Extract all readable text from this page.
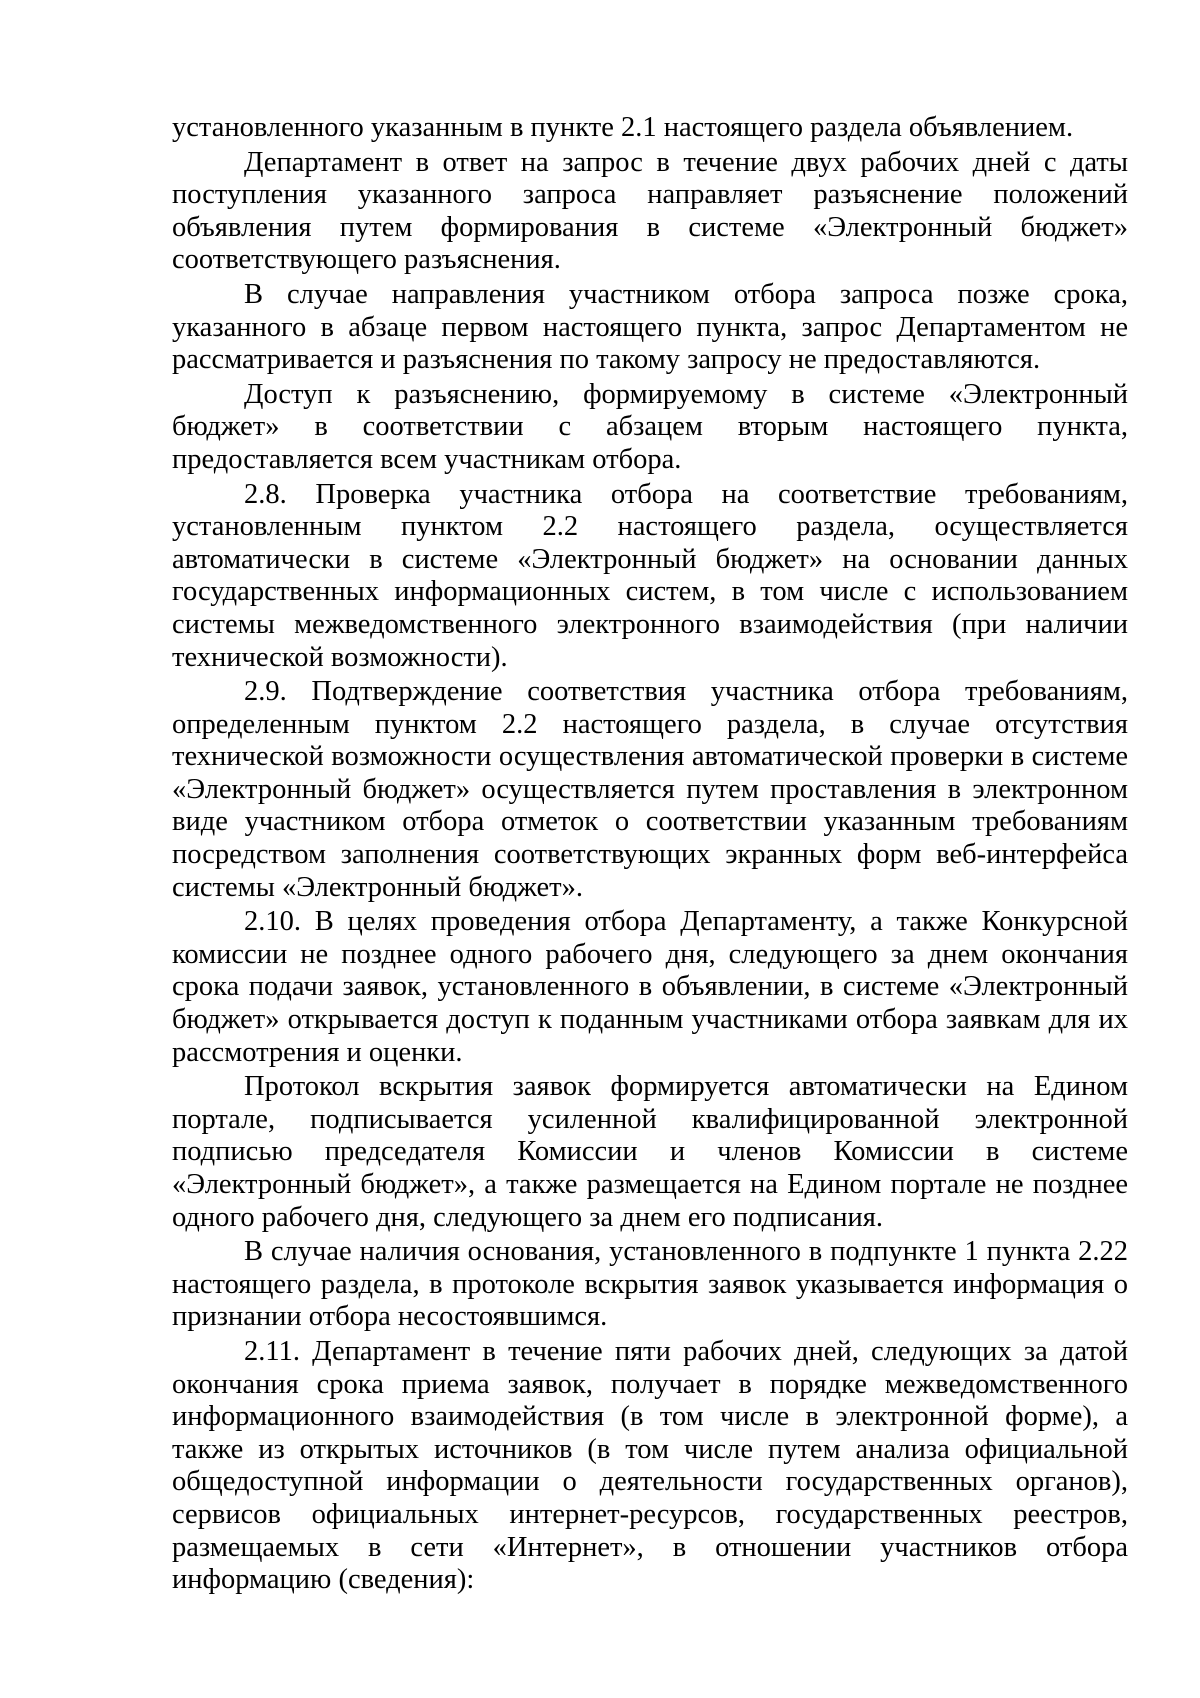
установленного указанным в пункте 2.1 настоящего раздела объявлением.

Департамент в ответ на запрос в течение двух рабочих дней с даты поступления указанного запроса направляет разъяснение положений объявления путем формирования в системе «Электронный бюджет» соответствующего разъяснения.

В случае направления участником отбора запроса позже срока, указанного в абзаце первом настоящего пункта, запрос Департаментом не рассматривается и разъяснения по такому запросу не предоставляются.

Доступ к разъяснению, формируемому в системе «Электронный бюджет» в соответствии с абзацем вторым настоящего пункта, предоставляется всем участникам отбора.

2.8. Проверка участника отбора на соответствие требованиям, установленным пунктом 2.2 настоящего раздела, осуществляется автоматически в системе «Электронный бюджет» на основании данных государственных информационных систем, в том числе с использованием системы межведомственного электронного взаимодействия (при наличии технической возможности).

2.9. Подтверждение соответствия участника отбора требованиям, определенным пунктом 2.2 настоящего раздела, в случае отсутствия технической возможности осуществления автоматической проверки в системе «Электронный бюджет» осуществляется путем проставления в электронном виде участником отбора отметок о соответствии указанным требованиям посредством заполнения соответствующих экранных форм веб-интерфейса системы «Электронный бюджет».

2.10. В целях проведения отбора Департаменту, а также Конкурсной комиссии не позднее одного рабочего дня, следующего за днем окончания срока подачи заявок, установленного в объявлении, в системе «Электронный бюджет» открывается доступ к поданным участниками отбора заявкам для их рассмотрения и оценки.

Протокол вскрытия заявок формируется автоматически на Едином портале, подписывается усиленной квалифицированной электронной подписью председателя Комиссии и членов Комиссии в системе «Электронный бюджет», а также размещается на Едином портале не позднее одного рабочего дня, следующего за днем его подписания.

В случае наличия основания, установленного в подпункте 1 пункта 2.22 настоящего раздела, в протоколе вскрытия заявок указывается информация о признании отбора несостоявшимся.

2.11. Департамент в течение пяти рабочих дней, следующих за датой окончания срока приема заявок, получает в порядке межведомственного информационного взаимодействия (в том числе в электронной форме), а также из открытых источников (в том числе путем анализа официальной общедоступной информации о деятельности государственных органов), сервисов официальных интернет-ресурсов, государственных реестров, размещаемых в сети «Интернет», в отношении участников отбора информацию (сведения):
